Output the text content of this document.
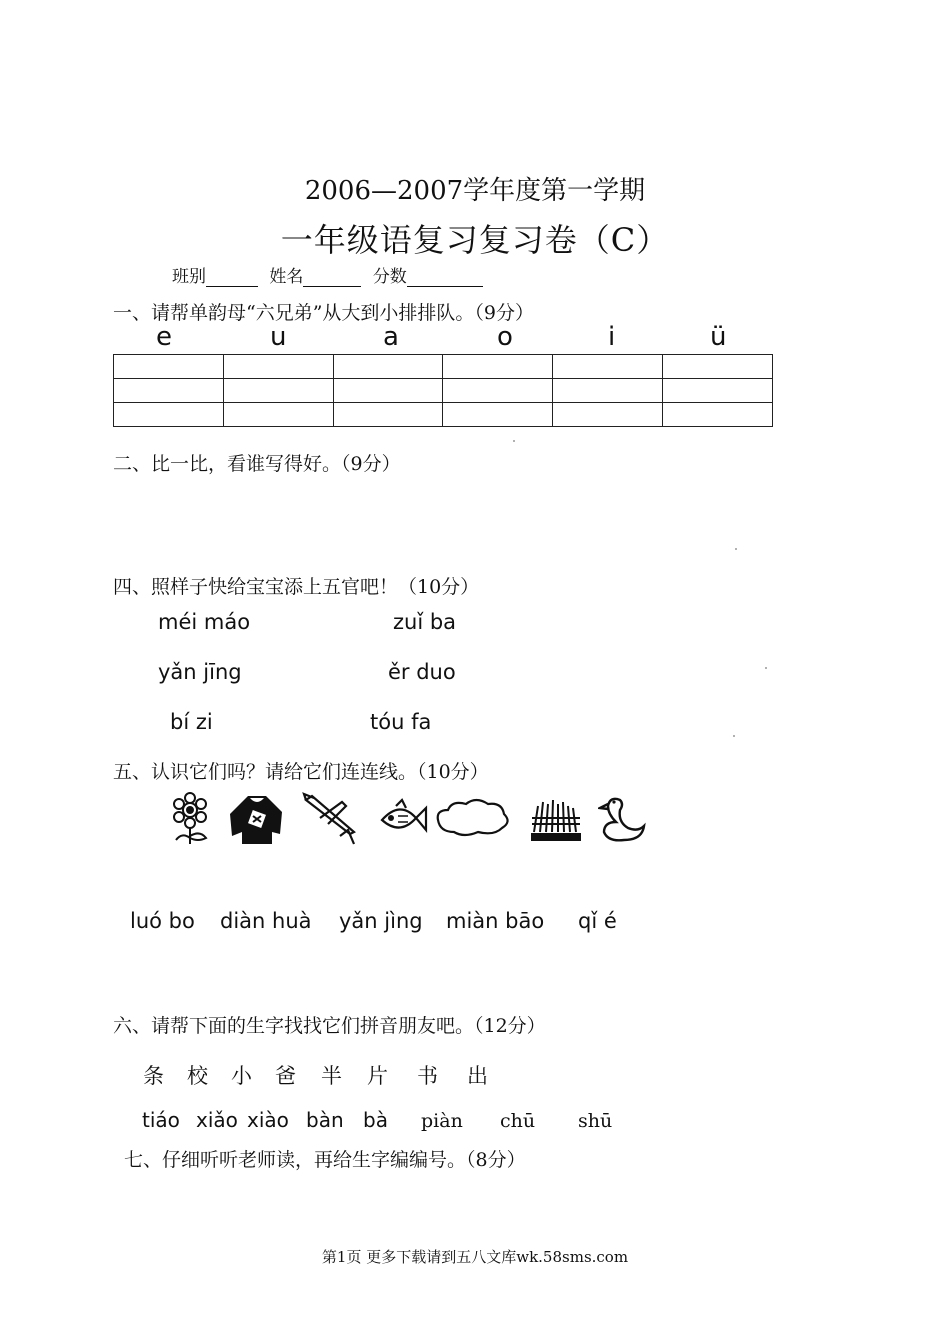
2006—2007学年度第一学期
一年级语复习复习卷（C）
班别	姓名	分数
一、请帮单韵母“六兄弟”从大到小排排队。（9分）
e	u	a	o	i	ü

二、比一比，看谁写得好。（9分）
四、照样子快给宝宝添上五官吧！（10分）
méi máo	zuǐ ba
yǎn jīng	ěr duo
bí zi	tóu fa
五、认识它们吗？请给它们连连线。（10分）
luó bo diàn huà yǎn jìng miàn bāo qǐ é
六、请帮下面的生字找找它们拼音朋友吧。（12分）
条 校 小 爸 半 片 书 出
tiáo xiǎo xiào bàn bà piàn chū shū
七、仔细听听老师读，再给生字编编号。（8分）
第1页 更多下载请到五八文库wk.58sms.com
